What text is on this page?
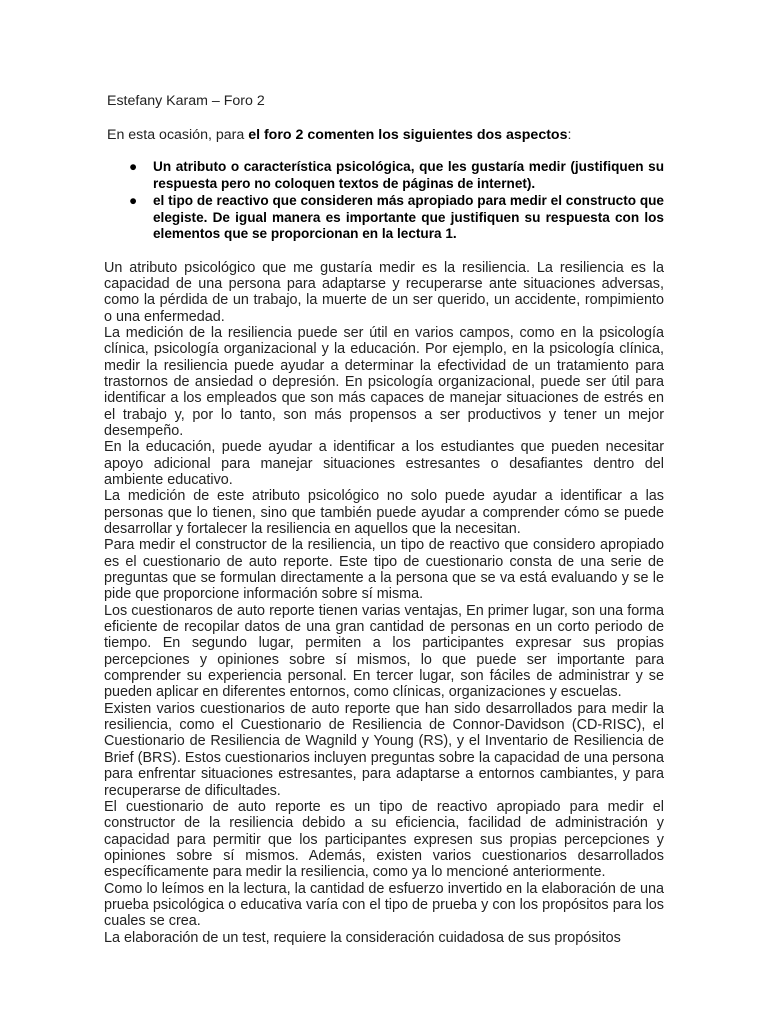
Estefany Karam – Foro 2

En esta ocasión, para el foro 2 comenten los siguientes dos aspectos:

● Un atributo o característica psicológica, que les gustaría medir (justifiquen su respuesta pero no coloquen textos de páginas de internet).
● el tipo de reactivo que consideren más apropiado para medir el constructo que elegiste. De igual manera es importante que justifiquen su respuesta con los elementos que se proporcionan en la lectura 1.

Un atributo psicológico que me gustaría medir es la resiliencia. La resiliencia es la capacidad de una persona para adaptarse y recuperarse ante situaciones adversas, como la pérdida de un trabajo, la muerte de un ser querido, un accidente, rompimiento o una enfermedad.

La medición de la resiliencia puede ser útil en varios campos, como en la psicología clínica, psicología organizacional y la educación. Por ejemplo, en la psicología clínica, medir la resiliencia puede ayudar a determinar la efectividad de un tratamiento para trastornos de ansiedad o depresión. En psicología organizacional, puede ser útil para identificar a los empleados que son más capaces de manejar situaciones de estrés en el trabajo y, por lo tanto, son más propensos a ser productivos y tener un mejor desempeño.

En la educación, puede ayudar a identificar a los estudiantes que pueden necesitar apoyo adicional para manejar situaciones estresantes o desafiantes dentro del ambiente educativo.

La medición de este atributo psicológico no solo puede ayudar a identificar a las personas que lo tienen, sino que también puede ayudar a comprender cómo se puede desarrollar y fortalecer la resiliencia en aquellos que la necesitan.

Para medir el constructor de la resiliencia, un tipo de reactivo que considero apropiado es el cuestionario de auto reporte. Este tipo de cuestionario consta de una serie de preguntas que se formulan directamente a la persona que se va está evaluando y se le pide que proporcione información sobre sí misma.

Los cuestionaros de auto reporte tienen varias ventajas, En primer lugar, son una forma eficiente de recopilar datos de una gran cantidad de personas en un corto periodo de tiempo. En segundo lugar, permiten a los participantes expresar sus propias percepciones y opiniones sobre sí mismos, lo que puede ser importante para comprender su experiencia personal. En tercer lugar, son fáciles de administrar y se pueden aplicar en diferentes entornos, como clínicas, organizaciones y escuelas.

Existen varios cuestionarios de auto reporte que han sido desarrollados para medir la resiliencia, como el Cuestionario de Resiliencia de Connor-Davidson (CD-RISC), el Cuestionario de Resiliencia de Wagnild y Young (RS), y el Inventario de Resiliencia de Brief (BRS). Estos cuestionarios incluyen preguntas sobre la capacidad de una persona para enfrentar situaciones estresantes, para adaptarse a entornos cambiantes, y para recuperarse de dificultades.

El cuestionario de auto reporte es un tipo de reactivo apropiado para medir el constructor de la resiliencia debido a su eficiencia, facilidad de administración y capacidad para permitir que los participantes expresen sus propias percepciones y opiniones sobre sí mismos. Además, existen varios cuestionarios desarrollados específicamente para medir la resiliencia, como ya lo mencioné anteriormente.

Como lo leímos en la lectura, la cantidad de esfuerzo invertido en la elaboración de una prueba psicológica o educativa varía con el tipo de prueba y con los propósitos para los cuales se crea.

La elaboración de un test, requiere la consideración cuidadosa de sus propósitos
